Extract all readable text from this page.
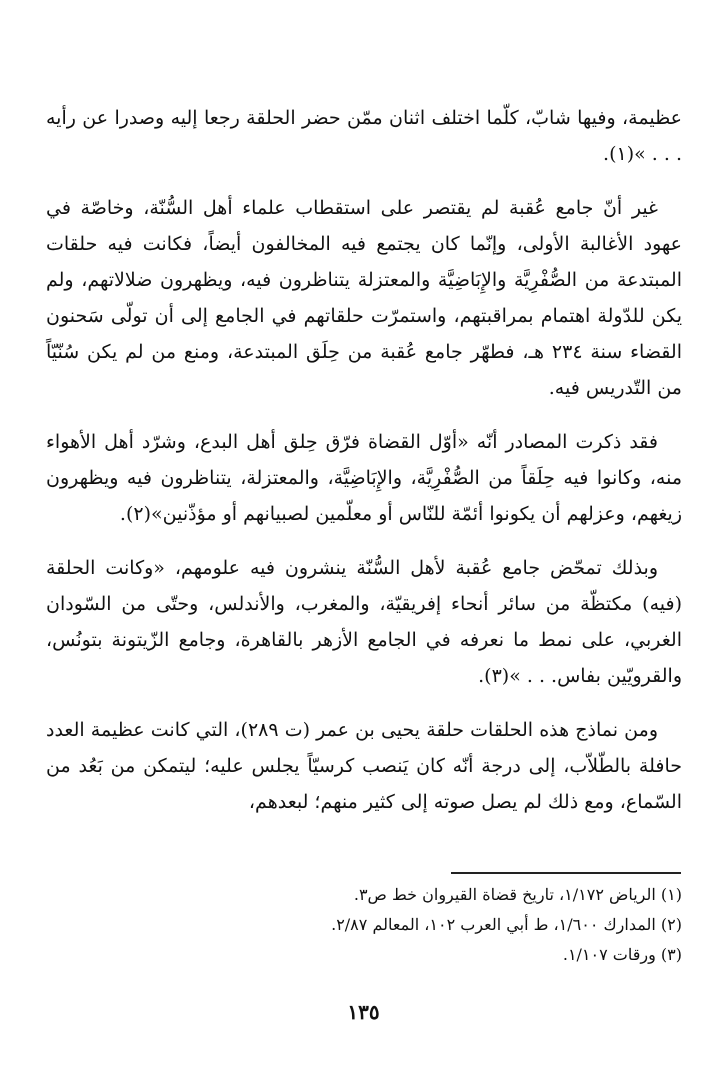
عظيمة، وفيها شابّ، كلّما اختلف اثنان ممّن حضر الحلقة رجعا إليه وصدرا عن رأيه . . . »(١).

غير أنّ جامع عُقبة لم يقتصر على استقطاب علماء أهل السُّنّة، وخاصّة في عهود الأغالبة الأولى، وإنّما كان يجتمع فيه المخالفون أيضاً، فكانت فيه حلقات المبتدعة من الصُّفْرِيَّة والإِبَاضِيَّة والمعتزلة يتناظرون فيه، ويظهرون ضلالاتهم، ولم يكن للدّولة اهتمام بمراقبتهم، واستمرّت حلقاتهم في الجامع إلى أن تولّى سَحنون القضاء سنة ٢٣٤ هـ، فطهّر جامع عُقبة من حِلَق المبتدعة، ومنع من لم يكن سُنّيّاً من التّدريس فيه.

فقد ذكرت المصادر أنّه «أوّل القضاة فرّق حِلق أهل البدع، وشرّد أهل الأهواء منه، وكانوا فيه حِلَقاً من الصُّفْرِيَّة، والإِبَاضِيَّة، والمعتزلة، يتناظرون فيه ويظهرون زيغهم، وعزلهم أن يكونوا أئمّة للنّاس أو معلّمين لصبيانهم أو مؤذّنين»(٢).

وبذلك تمحّض جامع عُقبة لأهل السُّنّة ينشرون فيه علومهم، «وكانت الحلقة (فيه) مكتظّة من سائر أنحاء إفريقيّة، والمغرب، والأندلس، وحتّى من السّودان الغربي، على نمط ما نعرفه في الجامع الأزهر بالقاهرة، وجامع الزّيتونة بتونُس، والقرويّين بفاس. . . »(٣).

ومن نماذج هذه الحلقات حلقة يحيى بن عمر (ت ٢٨٩)، التي كانت عظيمة العدد حافلة بالطّلاّب، إلى درجة أنّه كان يَنصب كرسيّاً يجلس عليه؛ ليتمكن من بَعُد من السّماع، ومع ذلك لم يصل صوته إلى كثير منهم؛ لبعدهم،

(١) الرياض ١/١٧٢، تاريخ قضاة القيروان خط ص٣.

(٢) المدارك ١/٦٠٠، ط أبي العرب ١٠٢، المعالم ٢/٨٧.

(٣) ورقات ١/١٠٧.

١٣٥
